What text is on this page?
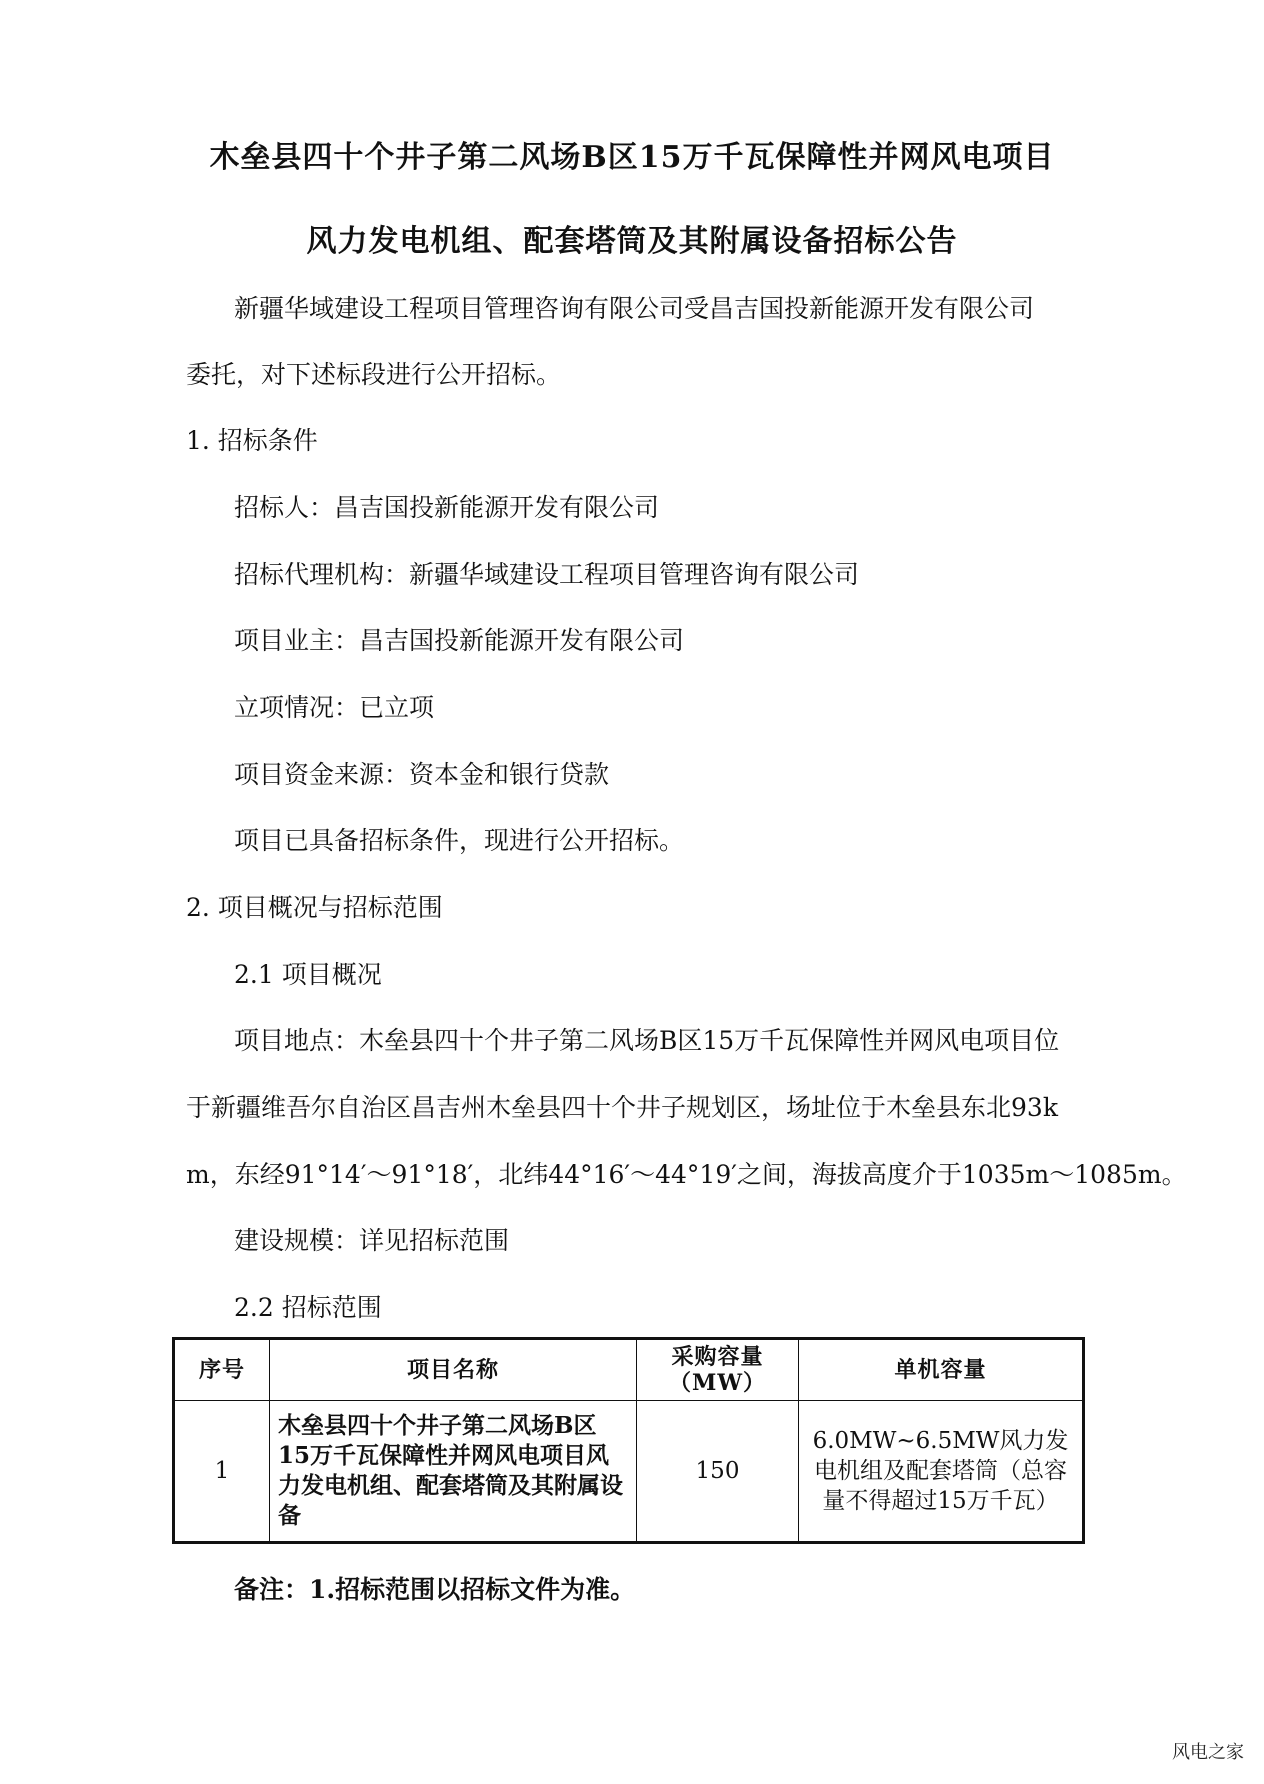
木垒县四十个井子第二风场B区15万千瓦保障性并网风电项目
风力发电机组、配套塔筒及其附属设备招标公告
新疆华域建设工程项目管理咨询有限公司受昌吉国投新能源开发有限公司
委托，对下述标段进行公开招标。
1. 招标条件
招标人：昌吉国投新能源开发有限公司
招标代理机构：新疆华域建设工程项目管理咨询有限公司
项目业主：昌吉国投新能源开发有限公司
立项情况：已立项
项目资金来源：资本金和银行贷款
项目已具备招标条件，现进行公开招标。
2. 项目概况与招标范围
2.1 项目概况
项目地点：木垒县四十个井子第二风场B区15万千瓦保障性并网风电项目位
于新疆维吾尔自治区昌吉州木垒县四十个井子规划区，场址位于木垒县东北93k
m，东经91°14′～91°18′，北纬44°16′～44°19′之间，海拔高度介于1035m～1085m。
建设规模：详见招标范围
2.2 招标范围
序号	项目名称	采购容量（MW）	单机容量
1	木垒县四十个井子第二风场B区15万千瓦保障性并网风电项目风力发电机组、配套塔筒及其附属设备	150	6.0MW~6.5MW风力发电机组及配套塔筒（总容量不得超过15万千瓦）
备注：1.招标范围以招标文件为准。
风电之家
